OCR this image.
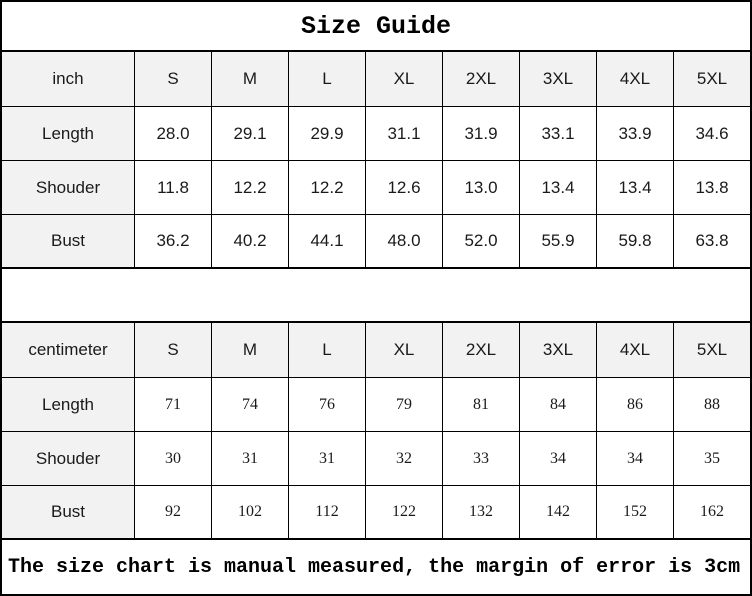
Size Guide
inch	S	M	L	XL	2XL	3XL	4XL	5XL
Length	28.0	29.1	29.9	31.1	31.9	33.1	33.9	34.6
Shouder	11.8	12.2	12.2	12.6	13.0	13.4	13.4	13.8
Bust	36.2	40.2	44.1	48.0	52.0	55.9	59.8	63.8
centimeter	S	M	L	XL	2XL	3XL	4XL	5XL
Length	71	74	76	79	81	84	86	88
Shouder	30	31	31	32	33	34	34	35
Bust	92	102	112	122	132	142	152	162
The size chart is manual measured, the margin of error is 3cm
